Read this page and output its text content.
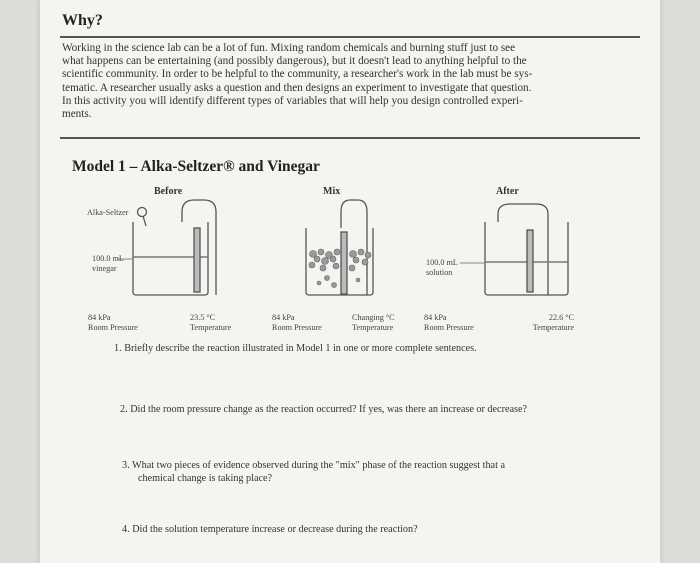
Why?
Working in the science lab can be a lot of fun. Mixing random chemicals and burning stuff just to see
what happens can be entertaining (and possibly dangerous), but it doesn't lead to anything helpful to the
scientific community. In order to be helpful to the community, a researcher's work in the lab must be sys-
tematic. A researcher usually asks a question and then designs an experiment to investigate that question.
In this activity you will identify different types of variables that will help you design controlled experi-
ments.
Model 1 – Alka-Seltzer® and Vinegar
Before	Mix	After
Alka-Seltzer
100.0 mL
vinegar
100.0 mL
solution
84 kPa
Room Pressure
23.5 °C
Temperature
84 kPa
Room Pressure
Changing °C
Temperature
84 kPa
Room Pressure
22.6 °C
Temperature
1. Briefly describe the reaction illustrated in Model 1 in one or more complete sentences.
2. Did the room pressure change as the reaction occurred? If yes, was there an increase or decrease?
3. What two pieces of evidence observed during the "mix" phase of the reaction suggest that a
chemical change is taking place?
4. Did the solution temperature increase or decrease during the reaction?
